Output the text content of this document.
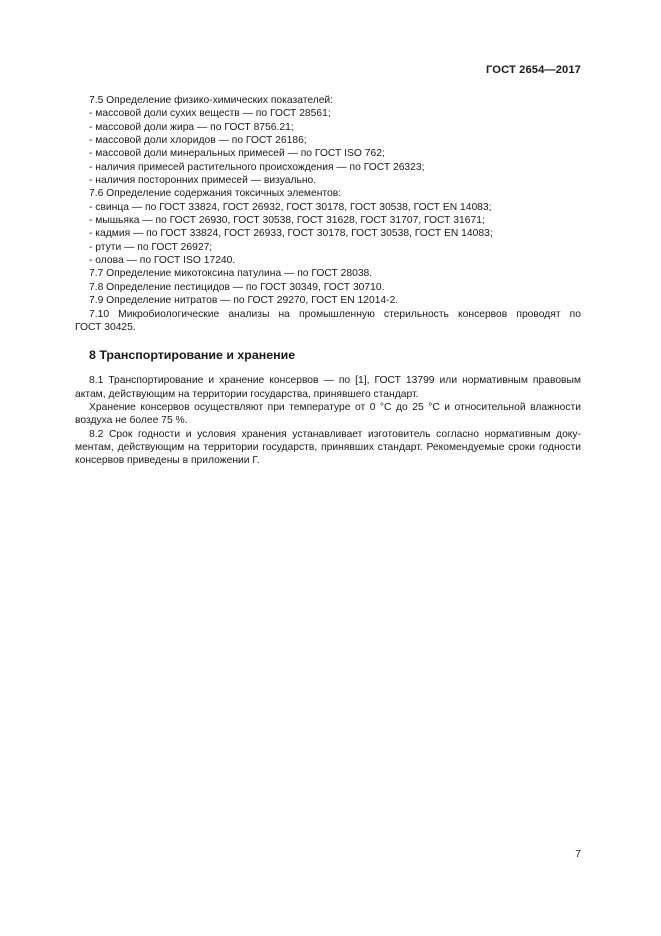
ГОСТ 2654—2017
7.5 Определение физико-химических показателей:
- массовой доли сухих веществ — по ГОСТ 28561;
- массовой доли жира — по ГОСТ 8756.21;
- массовой доли хлоридов — по ГОСТ 26186;
- массовой доли минеральных примесей — по ГОСТ ISO 762;
- наличия примесей растительного происхождения — по ГОСТ 26323;
- наличия посторонних примесей — визуально.
7.6 Определение содержания токсичных элементов:
- свинца — по ГОСТ 33824, ГОСТ 26932, ГОСТ 30178, ГОСТ 30538, ГОСТ EN 14083;
- мышьяка — по ГОСТ 26930, ГОСТ 30538, ГОСТ 31628, ГОСТ 31707, ГОСТ 31671;
- кадмия — по ГОСТ 33824, ГОСТ 26933, ГОСТ 30178, ГОСТ 30538, ГОСТ EN 14083;
- ртути — по ГОСТ 26927;
- олова — по ГОСТ ISO 17240.
7.7 Определение микотоксина патулина — по ГОСТ 28038.
7.8 Определение пестицидов — по ГОСТ 30349, ГОСТ 30710.
7.9 Определение нитратов — по ГОСТ 29270, ГОСТ EN 12014-2.
7.10 Микробиологические анализы на промышленную стерильность консервов проводят по
ГОСТ 30425.
8 Транспортирование и хранение
8.1 Транспортирование и хранение консервов — по [1], ГОСТ 13799 или нормативным правовым
актам, действующим на территории государства, принявшего стандарт.
Хранение консервов осуществляют при температуре от 0 °С до 25 °С и относительной влажности
воздуха не более 75 %.
8.2 Срок годности и условия хранения устанавливает изготовитель согласно нормативным доку-
ментам, действующим на территории государств, принявших стандарт. Рекомендуемые сроки годности
консервов приведены в приложении Г.
7
